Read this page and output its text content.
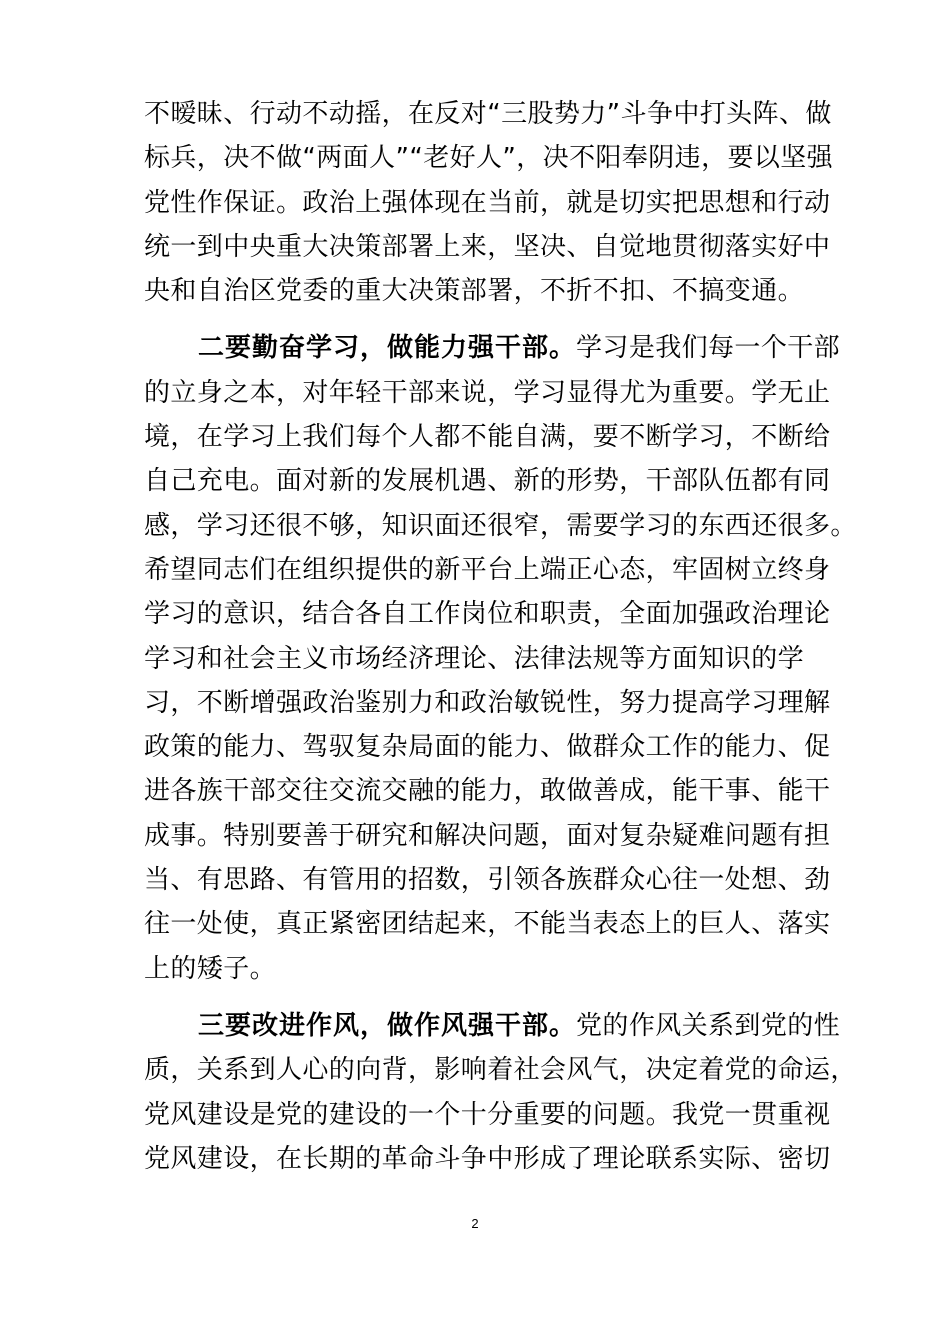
不暧昧、行动不动摇，在反对“三股势力”斗争中打头阵、做
标兵，决不做“两面人”“老好人”，决不阳奉阴违，要以坚强
党性作保证。政治上强体现在当前，就是切实把思想和行动
统一到中央重大决策部署上来，坚决、自觉地贯彻落实好中
央和自治区党委的重大决策部署，不折不扣、不搞变通。
二要勤奋学习，做能力强干部。学习是我们每一个干部
的立身之本，对年轻干部来说，学习显得尤为重要。学无止
境，在学习上我们每个人都不能自满，要不断学习，不断给
自己充电。面对新的发展机遇、新的形势，干部队伍都有同
感，学习还很不够，知识面还很窄，需要学习的东西还很多。
希望同志们在组织提供的新平台上端正心态，牢固树立终身
学习的意识，结合各自工作岗位和职责，全面加强政治理论
学习和社会主义市场经济理论、法律法规等方面知识的学
习，不断增强政治鉴别力和政治敏锐性，努力提高学习理解
政策的能力、驾驭复杂局面的能力、做群众工作的能力、促
进各族干部交往交流交融的能力，敢做善成，能干事、能干
成事。特别要善于研究和解决问题，面对复杂疑难问题有担
当、有思路、有管用的招数，引领各族群众心往一处想、劲
往一处使，真正紧密团结起来，不能当表态上的巨人、落实
上的矮子。
三要改进作风，做作风强干部。党的作风关系到党的性
质，关系到人心的向背，影响着社会风气，决定着党的命运，
党风建设是党的建设的一个十分重要的问题。我党一贯重视
党风建设，在长期的革命斗争中形成了理论联系实际、密切
2
